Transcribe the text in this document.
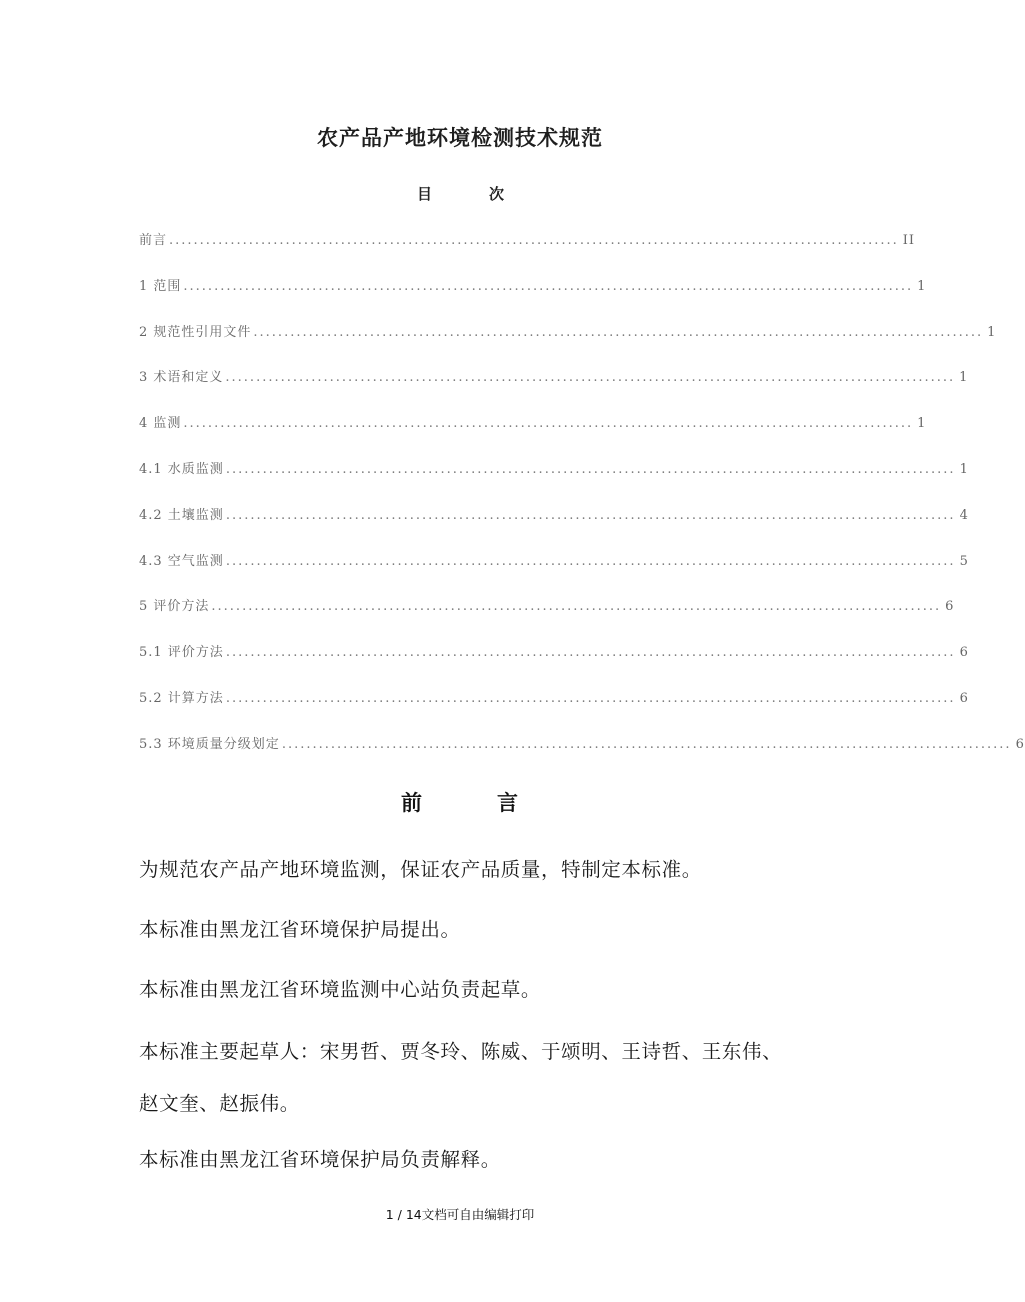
农产品产地环境检测技术规范
目	次
前言 ....................................................................................................................... II
1 范围 ....................................................................................................................... 1
2 规范性引用文件 ....................................................................................................................... 1
3 术语和定义 ....................................................................................................................... 1
4 监测 ....................................................................................................................... 1
4.1 水质监测 ....................................................................................................................... 1
4.2 土壤监测 ....................................................................................................................... 4
4.3 空气监测 ....................................................................................................................... 5
5 评价方法 ....................................................................................................................... 6
5.1 评价方法 ....................................................................................................................... 6
5.2 计算方法 ....................................................................................................................... 6
5.3 环境质量分级划定 ....................................................................................................................... 6
前	言

为规范农产品产地环境监测，保证农产品质量，特制定本标准。

本标准由黑龙江省环境保护局提出。

本标准由黑龙江省环境监测中心站负责起草。

本标准主要起草人：宋男哲、贾冬玲、陈威、于颂明、王诗哲、王东伟、赵文奎、赵振伟。

本标准由黑龙江省环境保护局负责解释。

1 / 14文档可自由编辑打印
